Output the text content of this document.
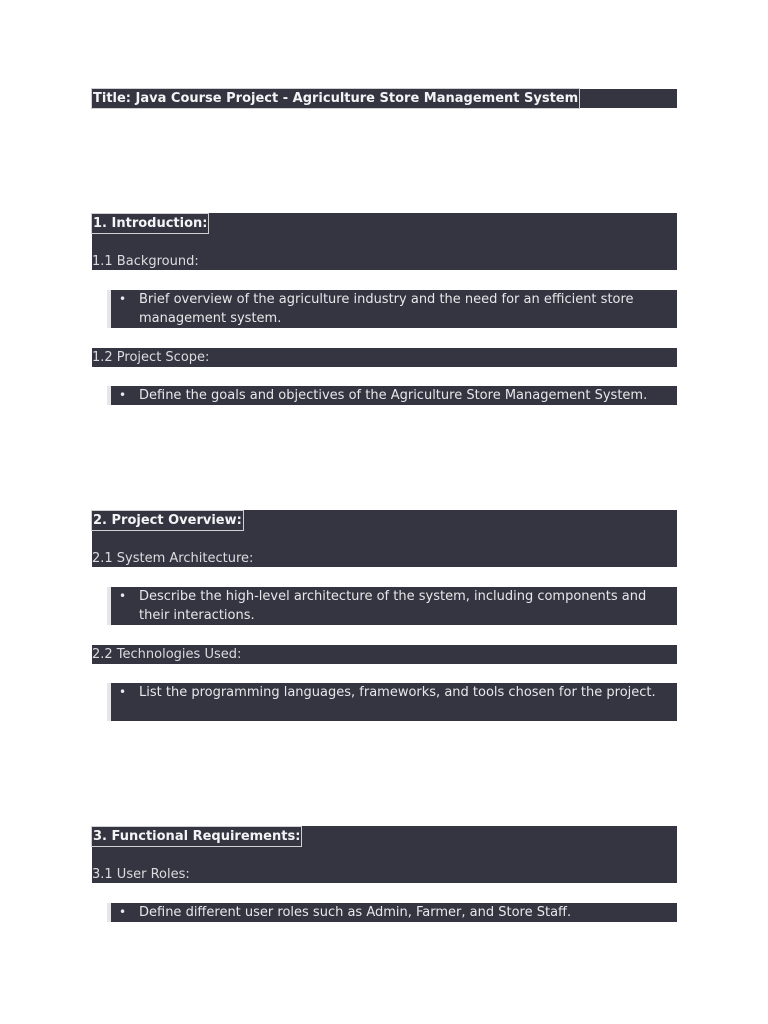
Title: Java Course Project - Agriculture Store Management System
1. Introduction:
1.1 Background:
• Brief overview of the agriculture industry and the need for an efficient store management system.
1.2 Project Scope:
• Define the goals and objectives of the Agriculture Store Management System.
2. Project Overview:
2.1 System Architecture:
• Describe the high-level architecture of the system, including components and their interactions.
2.2 Technologies Used:
• List the programming languages, frameworks, and tools chosen for the project.
3. Functional Requirements:
3.1 User Roles:
• Define different user roles such as Admin, Farmer, and Store Staff.
